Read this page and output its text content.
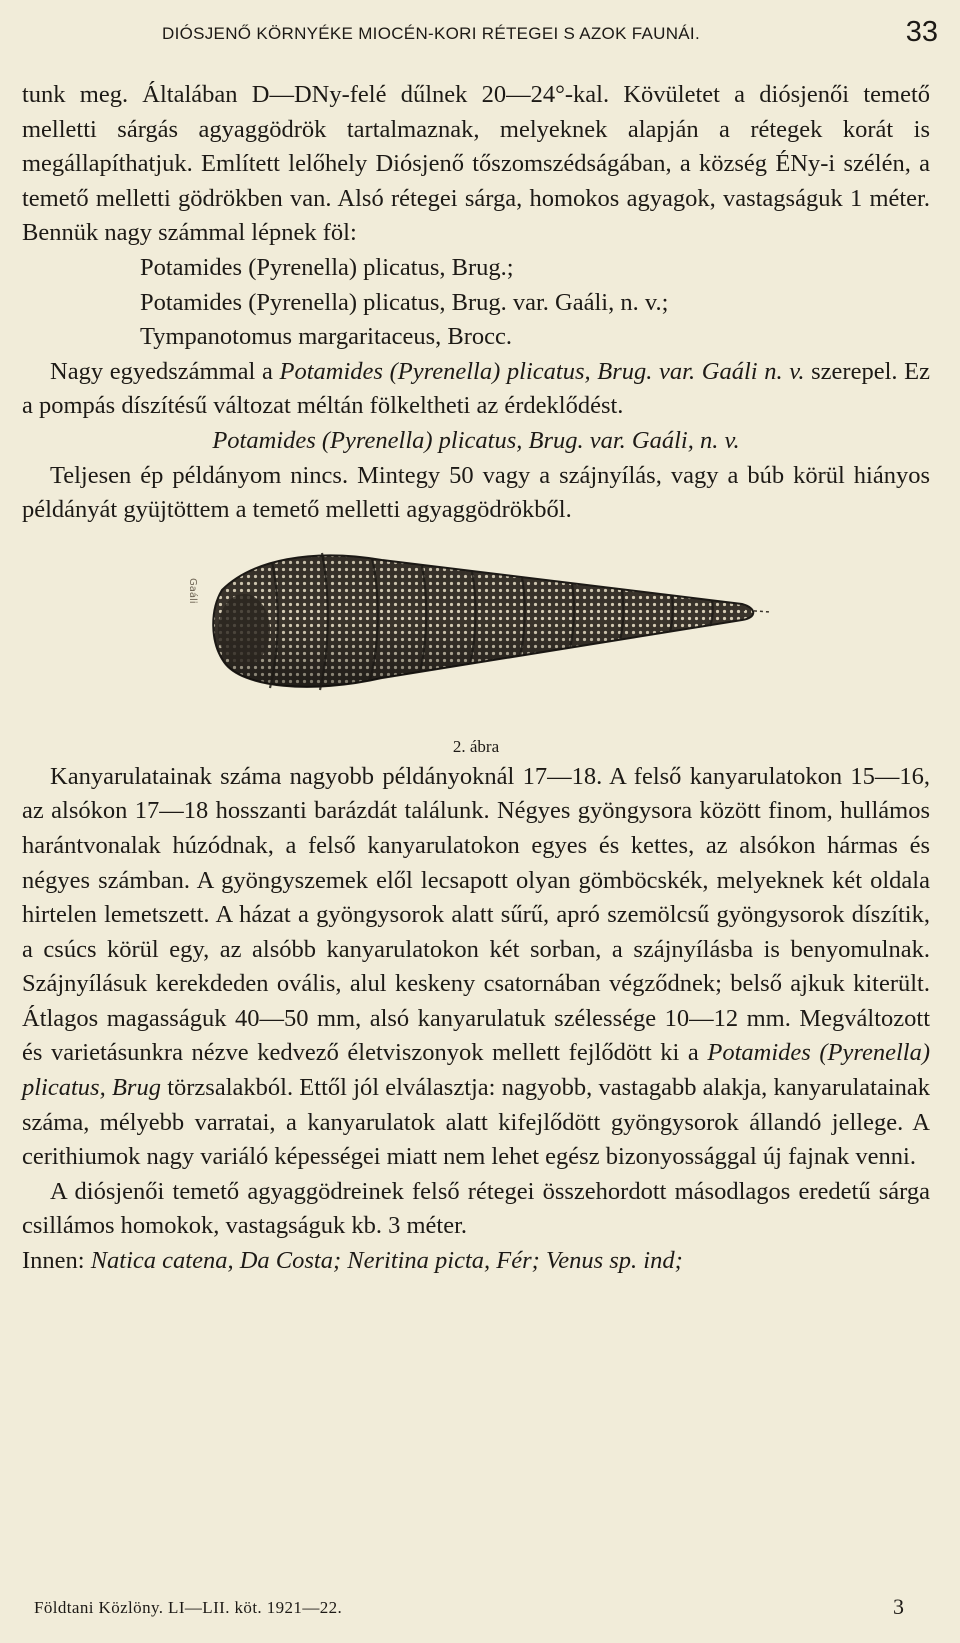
DIÓSJENŐ KÖRNYÉKE MIOCÉN-KORI RÉTEGEI S AZOK FAUNÁI.	33

tunk meg. Általában D—DNy-felé dűlnek 20—24°-kal. Kövületet a diósjenői temető melletti sárgás agyaggödrök tartalmaznak, melyeknek alapján a rétegek korát is megállapíthatjuk. Említett lelőhely Diósjenő tőszomszédságában, a község ÉNy-i szélén, a temető melletti gödrökben van. Alsó rétegei sárga, homokos agyagok, vastagságuk 1 méter. Bennük nagy számmal lépnek föl:

Potamides (Pyrenella) plicatus, Brug.;

Potamides (Pyrenella) plicatus, Brug. var. Gaáli, n. v.;

Tympanotomus margaritaceus, Brocc.

Nagy egyedszámmal a Potamides (Pyrenella) plicatus, Brug. var. Gaáli n. v. szerepel. Ez a pompás díszítésű változat méltán fölkeltheti az érdeklődést.

Potamides (Pyrenella) plicatus, Brug. var. Gaáli, n. v.

Teljesen ép példányom nincs. Mintegy 50 vagy a szájnyílás, vagy a búb körül hiányos példányát gyüjtöttem a temető melletti agyaggödrökből.

Gaáli
2. ábra

Kanyarulatainak száma nagyobb példányoknál 17—18. A felső kanyarulatokon 15—16, az alsókon 17—18 hosszanti barázdát találunk. Négyes gyöngysora között finom, hullámos harántvonalak húzódnak, a felső kanyarulatokon egyes és kettes, az alsókon hármas és négyes számban. A gyöngyszemek elől lecsapott olyan gömböcskék, melyeknek két oldala hirtelen lemetszett. A házat a gyöngysorok alatt sűrű, apró szemölcsű gyöngysorok díszítik, a csúcs körül egy, az alsóbb kanyarulatokon két sorban, a szájnyílásba is benyomulnak. Szájnyílásuk kerekdeden ovális, alul keskeny csatornában végződnek; belső ajkuk kiterült. Átlagos magasságuk 40—50 mm, alsó kanyarulatuk szélessége 10—12 mm. Megváltozott és varietásunkra nézve kedvező életviszonyok mellett fejlődött ki a Potamides (Pyrenella) plicatus, Brug törzsalakból. Ettől jól elválasztja: nagyobb, vastagabb alakja, kanyarulatainak száma, mélyebb varratai, a kanyarulatok alatt kifejlődött gyöngysorok állandó jellege. A cerithiumok nagy variáló képességei miatt nem lehet egész bizonyossággal új fajnak venni.

A diósjenői temető agyaggödreinek felső rétegei összehordott másodlagos eredetű sárga csillámos homokok, vastagságuk kb. 3 méter.

Innen: Natica catena, Da Costa; Neritina picta, Fér; Venus sp. ind;

Földtani Közlöny. LI—LII. köt. 1921—22.	3
